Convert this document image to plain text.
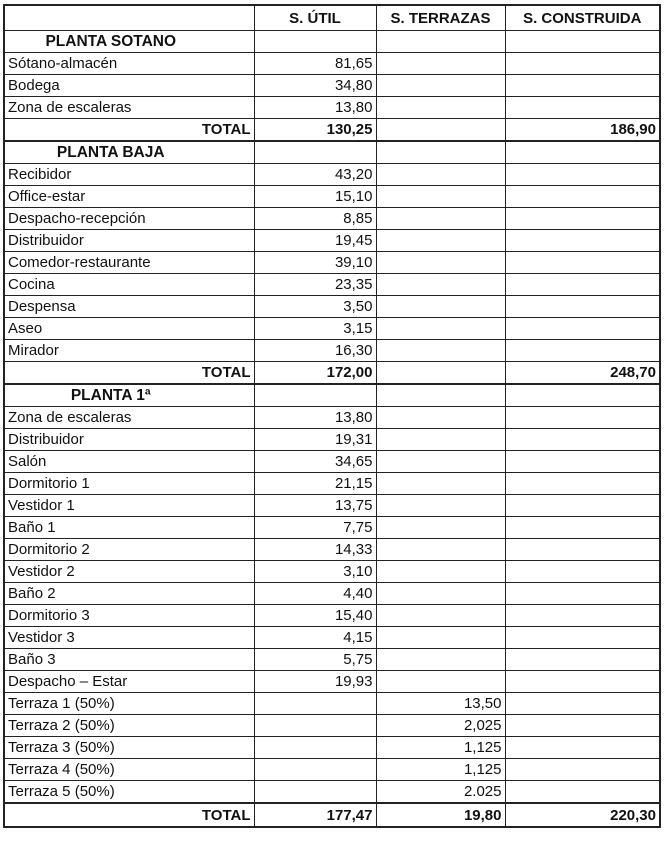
	S. ÚTIL	S. TERRAZAS	S. CONSTRUIDA
PLANTA SOTANO			
Sótano-almacén	81,65		
Bodega	34,80		
Zona de escaleras	13,80		
TOTAL	130,25		186,90
PLANTA BAJA			
Recibidor	43,20		
Office-estar	15,10		
Despacho-recepción	8,85		
Distribuidor	19,45		
Comedor-restaurante	39,10		
Cocina	23,35		
Despensa	3,50		
Aseo	3,15		
Mirador	16,30		
TOTAL	172,00		248,70
PLANTA 1ª			
Zona de escaleras	13,80		
Distribuidor	19,31		
Salón	34,65		
Dormitorio 1	21,15		
Vestidor 1	13,75		
Baño 1	7,75		
Dormitorio 2	14,33		
Vestidor 2	3,10		
Baño 2	4,40		
Dormitorio 3	15,40		
Vestidor 3	4,15		
Baño 3	5,75		
Despacho – Estar	19,93		
Terraza 1 (50%)		13,50	
Terraza 2 (50%)		2,025	
Terraza 3 (50%)		1,125	
Terraza 4 (50%)		1,125	
Terraza 5 (50%)		2.025	
TOTAL	177,47	19,80	220,30
